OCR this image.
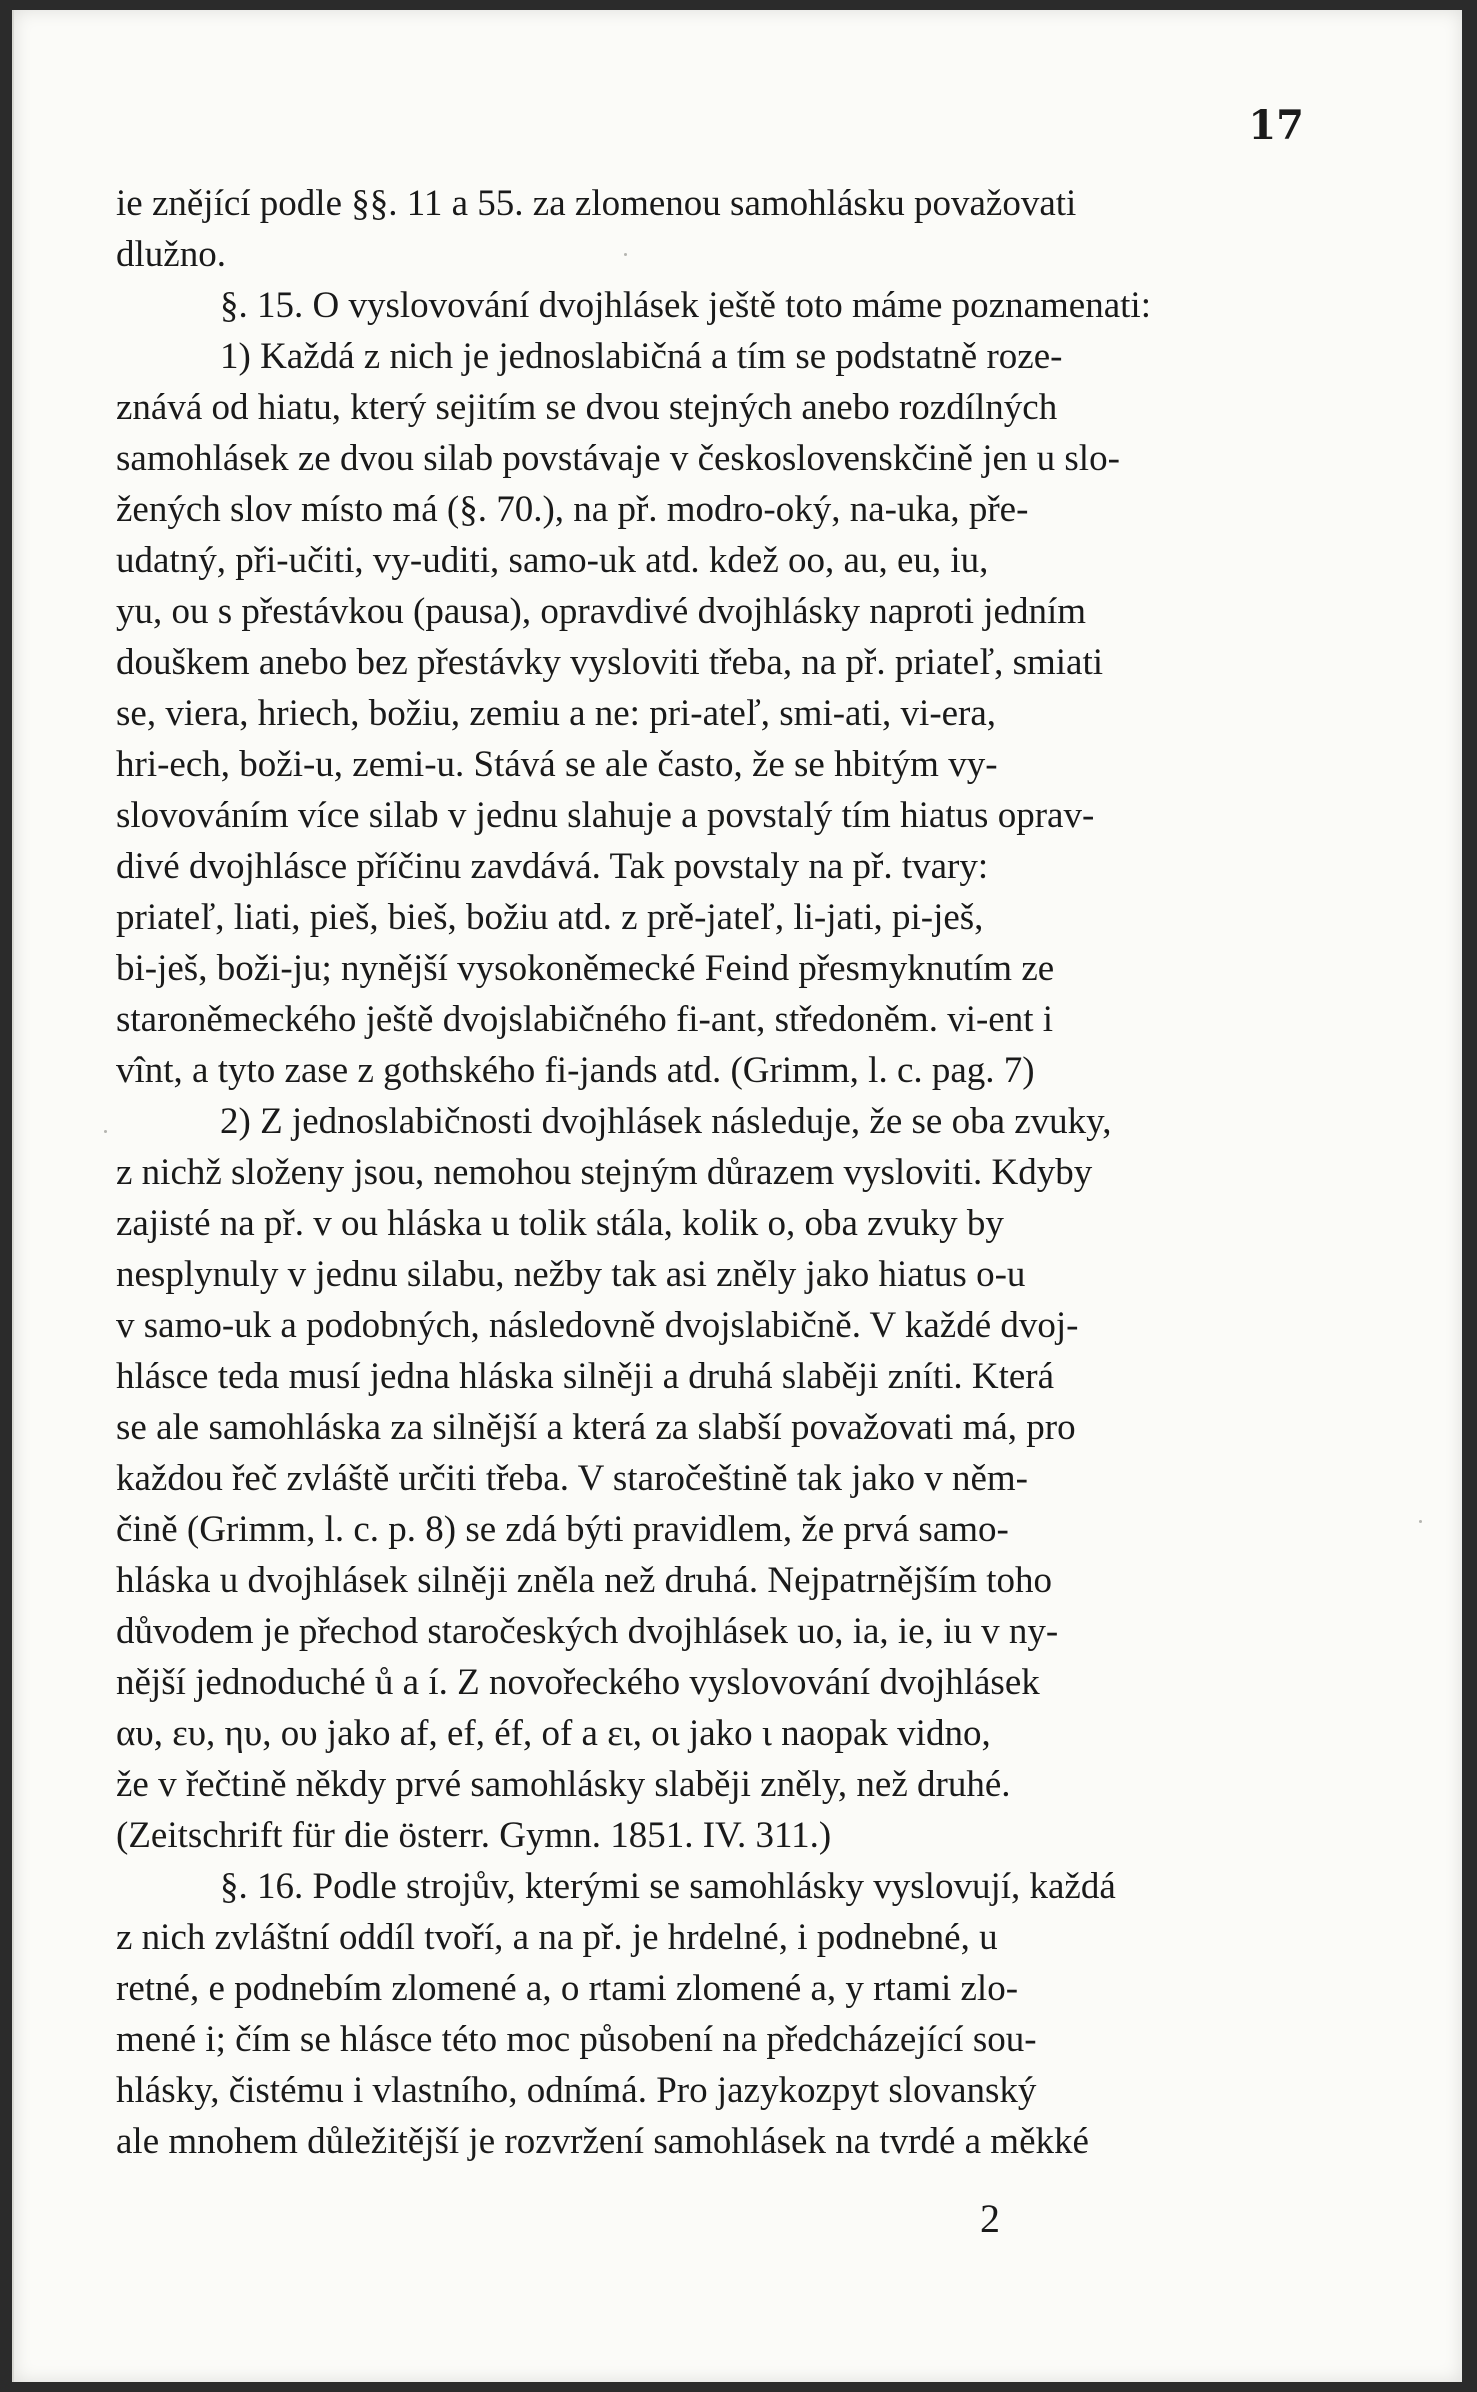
17
ie znějící podle §§. 11 a 55. za zlomenou samohlásku považovati
dlužno.
§. 15. O vyslovování dvojhlásek ještě toto máme poznamenati:
1) Každá z nich je jednoslabičná a tím se podstatně roze-
znává od hiatu, který sejitím se dvou stejných anebo rozdílných
samohlásek ze dvou silab povstávaje v československčině jen u slo-
žených slov místo má (§. 70.), na př. modro-oký, na-uka, pře-
udatný, při-učiti, vy-uditi, samo-uk atd. kdež oo, au, eu, iu,
yu, ou s přestávkou (pausa), opravdivé dvojhlásky naproti jedním
douškem anebo bez přestávky vysloviti třeba, na př. priateľ, smiati
se, viera, hriech, božiu, zemiu a ne: pri-ateľ, smi-ati, vi-era,
hri-ech, boži-u, zemi-u. Stává se ale často, že se hbitým vy-
slovováním více silab v jednu slahuje a povstalý tím hiatus oprav-
divé dvojhlásce příčinu zavdává. Tak povstaly na př. tvary:
priateľ, liati, pieš, bieš, božiu atd. z prě-jateľ, li-jati, pi-ješ,
bi-ješ, boži-ju; nynější vysokoněmecké Feind přesmyknutím ze
staroněmeckého ještě dvojslabičného fi-ant, středoněm. vi-ent i
vînt, a tyto zase z gothského fi-jands atd. (Grimm, l. c. pag. 7)
2) Z jednoslabičnosti dvojhlásek následuje, že se oba zvuky,
z nichž složeny jsou, nemohou stejným důrazem vysloviti. Kdyby
zajisté na př. v ou hláska u tolik stála, kolik o, oba zvuky by
nesplynuly v jednu silabu, nežby tak asi zněly jako hiatus o-u
v samo-uk a podobných, následovně dvojslabičně. V každé dvoj-
hlásce teda musí jedna hláska silněji a druhá slaběji zníti. Která
se ale samohláska za silnější a která za slabší považovati má, pro
každou řeč zvláště určiti třeba. V staročeštině tak jako v něm-
čině (Grimm, l. c. p. 8) se zdá býti pravidlem, že prvá samo-
hláska u dvojhlásek silněji zněla než druhá. Nejpatrnějším toho
důvodem je přechod staročeských dvojhlásek uo, ia, ie, iu v ny-
nější jednoduché ů a í. Z novořeckého vyslovování dvojhlásek
αυ, ευ, ηυ, ου jako af, ef, éf, of a ει, οι jako ι naopak vidno,
že v řečtině někdy prvé samohlásky slaběji zněly, než druhé.
(Zeitschrift für die österr. Gymn. 1851. IV. 311.)
§. 16. Podle strojův, kterými se samohlásky vyslovují, každá
z nich zvláštní oddíl tvoří, a na př. je hrdelné, i podnebné, u
retné, e podnebím zlomené a, o rtami zlomené a, y rtami zlo-
mené i; čím se hlásce této moc působení na předcházející sou-
hlásky, čistému i vlastního, odnímá. Pro jazykozpyt slovanský
ale mnohem důležitější je rozvržení samohlásek na tvrdé a měkké
2
